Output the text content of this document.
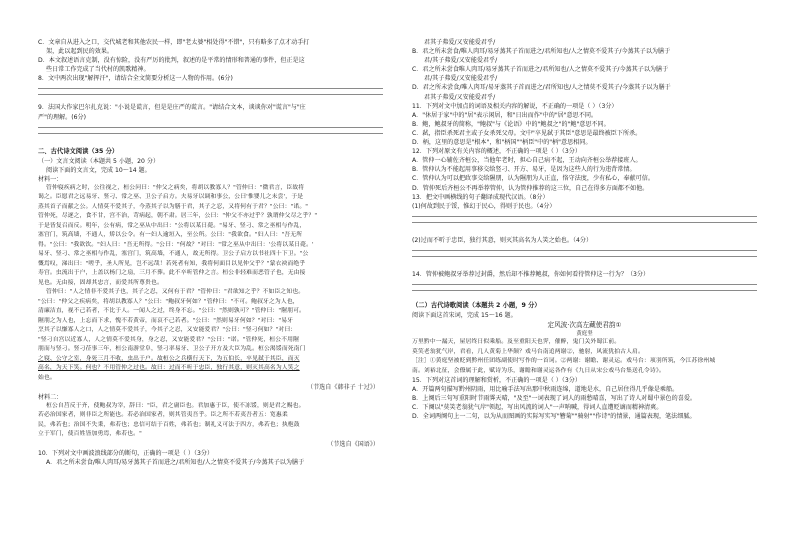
C．文章自从进入之口，交代城老和其他农民一样，即"老太婆"相处得"不错"，只有略多了点才动手打
架，此以起到民的效果。
D．本文叙述语言克制，没有惊险，没有严厉的批判，叙述的是平常的情形和普通的事件，但正是这
些日常工作完成了当代村的凯歌精神。
8．文中两次出现"解挥汗"，请结合全文简要分析这一人物的作用。(6分)
9．法国大作家巴尔扎克说："小说是谎言，但是是庄严的谎言。"请结合文本，谈谈你对"谎言"与"庄
严"的理解。(6分)
二、古代诗文阅读（35 分）
（一）文言文阅读（本题共 5 小题，20 分）
阅读下面的文言文，完成 10～14 题。
材料一：
管仲寝疾病之时，公往视之，桓公问曰："仲父之病矣，将胡以教寡人？"管仲曰："微君言，臣故将
谒之。臣愿君之远易牙、竖刁、常之巫、卫公子启方。夫易牙以调和事公，公曰'惟婴儿之未尝'，于是
蒸其首子而献之公。人情莫不爱其子，今蒸其子以为膳于君，其子之忍，又将何有于君？"公曰："诺。"
管仲死，尽逐之，食不甘，宫不治，苛病起，朝不肃。居三年，公曰："仲父不亦过乎？孰谓仲父尽之乎？"
于是皆复召而反。明年，公有病，常之巫从中出曰："公将以某日薨。"易牙、竖刁、常之巫相与作乱，
塞宫门，筑高墙，不通人，矫以公令。有一妇人逾垣入，至公所。公曰："我欲食。"妇人曰："吾无所
得。"公曰："我欲饮。"妇人曰："吾无所得。"公曰："何故？"对曰："常之巫从中出曰：'公将以某日薨。'
易牙、竖刁、常之巫相与作乱，塞宫门，筑高墙，不通人，故无所得。卫公子启方以书社四十下卫。"公
慨焉叹，涕出曰："嗟乎，圣人所见，岂不远哉！若死者有知，我将何面目以见仲父乎？"蒙衣袂而绝乎
寿宫。虫流出于户，上盖以杨门之扇，三月不葬。此不卒听管仲之言。桓公非轻难而恶管子也，无由接
见也。无由接，固却其忠言，而爱其所尊贵也。
管仲曰："人之情非不爱其子也，其子之忍，又何有于君？"管仲曰："君欲知之乎？不如臣之知也。
"公曰："仲父之疾病矣，将胡以教寡人？"公曰："鲍叔牙何如？"管仲曰："不可。鲍叔牙之为人也，
清廉洁直，视不己若者，不比于人。一闻人之过，终身不忘。"公曰："然则孰可？"管仲曰："隰朋可。
隰朋之为人也，上忘而下求，愧不若黄帝，而哀不己若者。"公曰："然则易牙何如？"对曰："易牙
烹其子以慊寡人之口，人之情莫不爱其子，今其子之忍，又安能爱君？"公曰："竖刁何如？"对曰：
"竖刁自宫以近寡人，人之情莫不爱其身，身之忍，又安能爱君？"公曰："诺。"管仲死，桓公不用隰
朋而与竖刁。竖刁莅事三年，桓公南游堂阜，竖刁率易牙、卫公子开方及大臣为乱。桓公渴馁而死南门
之寝、公守之室，身死三月不收，虫出于户。故桓公之兵横行天下，为五伯长，卒见弑于其臣，而灭
高名，为天下笑。何也？不用管仲之过也。故曰：过而不听于忠臣，独行其意，则灭其高名为人笑之
始也。
（节选自《韩非子 十过》）
材料二：
桓公自莒反于齐，使鲍叔为宰，辞曰："臣，君之庸臣也。君加惠于臣，使不冻馁，则是君之赐也。
若必治国家者，则非臣之所能也。若必治国家者，则其管夷吾乎。臣之所不若夷吾者五：宽惠柔
民，弗若也；治国不失秉，弗若也；忠信可结于百姓，弗若也；制礼义可法于四方，弗若也；执枹鼓
立于军门，使百姓皆加勇焉，弗若也。"
（节选自《国语》）
10．下列对文中画波浪线部分的断句，正确的一项是（ ）（3分）
A．君之所未尝食/唯人肉耳/易牙蒸其子首而进之/君所知也/人之情莫不爱其子/今蒸其子以为膳于
君其子弗爱/又安能爱君乎/
B．君之所未尝食/唯人肉耳/易牙蒸其子首而进之/君所知也/人之情莫不爱其子/今蒸其子以为膳于
君/其子弗爱/又安能爱君乎/
C．君之所未尝食唯人肉耳/易牙蒸其子首而进之/君所知也/人之情莫不爱其子/今蒸其子以为膳于
君/其子弗爱/又安能爱君乎/
D．君之所未尝食/唯人肉耳/易牙蒸其子首而进之/君所知也/人之情莫不爱其子/今蒸其子以为膳于
君其子弗爱/又安能爱君乎/
11．下列对文中加点的词语及相关内容的解说，不正确的一项是（ ）（3分）
A．"休居于家"中的"居"表示闲居，和"日出而作"中的"居"意思不同。
B．鲍，鲍叔牙的简称，"鲍叔"与《论语》中的"鲍叔之"的"鲍"意思不同。
C．弑，指臣杀死君主或子女杀死父母。文中"卒见弑于其臣"意思是最终被臣下所杀。
D．柄，这里的意思是"根本"，和"柄国""柄臣"中的"柄"意思相同。
12．下列对原文有关内容的概述，不正确的一项是（ ）（3分）
A．管仲一心辅佐齐桓公，当他年老时，担心自己病不起，王动向齐桓公举荐接班人。
B．管仲认为不能起用事移交给竖刁、开方、易牙，是因为这些人的行为违背常情。
C．管仲认为可以把政事交给隰朋，认为隰朋为人正直，恪守法度，少有私心，奉献可信。
D．管仲死后齐桓公不再举荐管仲，认为管仲推荐的这三位，自己在得多方面都不如他。
13．把文中画横线的句子翻译成现代汉语。（8分）
(1)何故到民于馁，惟幻于民心，得则于民也。（4分）
(2)过而不听于忠臣，独行其意，则灭其高名为人笑之始也。（4分）
14．管仲被鲍叔牙举荐过封爵，然后却不推荐鲍叔，你如何看待管仲这一行为？（3分）
（二）古代诗歌阅读（本题共 2 小题，9 分）
阅读下面这首宋词，完成 15～16 题。
定风波·次高左藏使君韵①
黄庭坚
万里黔中一漏天，屋居终日似乘船。及至重阳天也霁，催醉，鬼门关外蜀江前。
莫笑老翁犹气岸，君看，几人黄菊上华颠？戏马台南追两谢②，驰射，风流犹拍古人肩。
［注］①黄庭坚被贬到黔州任团练副使时写作的一首词。②两谢：谢瞻、谢灵运。戏马台：项羽所筑，今江苏徐州城
南。刘裕北征，会僚属于此，赋诗为乐，谢瞻和谢灵运各作有《九日从宋公戏马台集送孔令诗》。
15．下列对这首词的理解和赏析，不正确的一项是（ ）（3分）
A．开篇两句描写黔州阴雨，用比喻手法写出那中秋雨连绵，道地是水，自己居住得几乎像是乘船。
B．上阕后三句写重阳时节雨霁天晴，"及至"一词表现了词人的雨愁晴喜，写出了诗人对蜀中景色的喜爱。
C．下阕以"莫笑老翁犹气岸"领起，写出风流的词人"一声呐喊，得词人直遭贬谪而精神清爽。
D．全词两阕句上一二句，以为从而图画的实际写实写"簪菊""骑射""作诗"的情景，通篇表现，笔法细腻。
